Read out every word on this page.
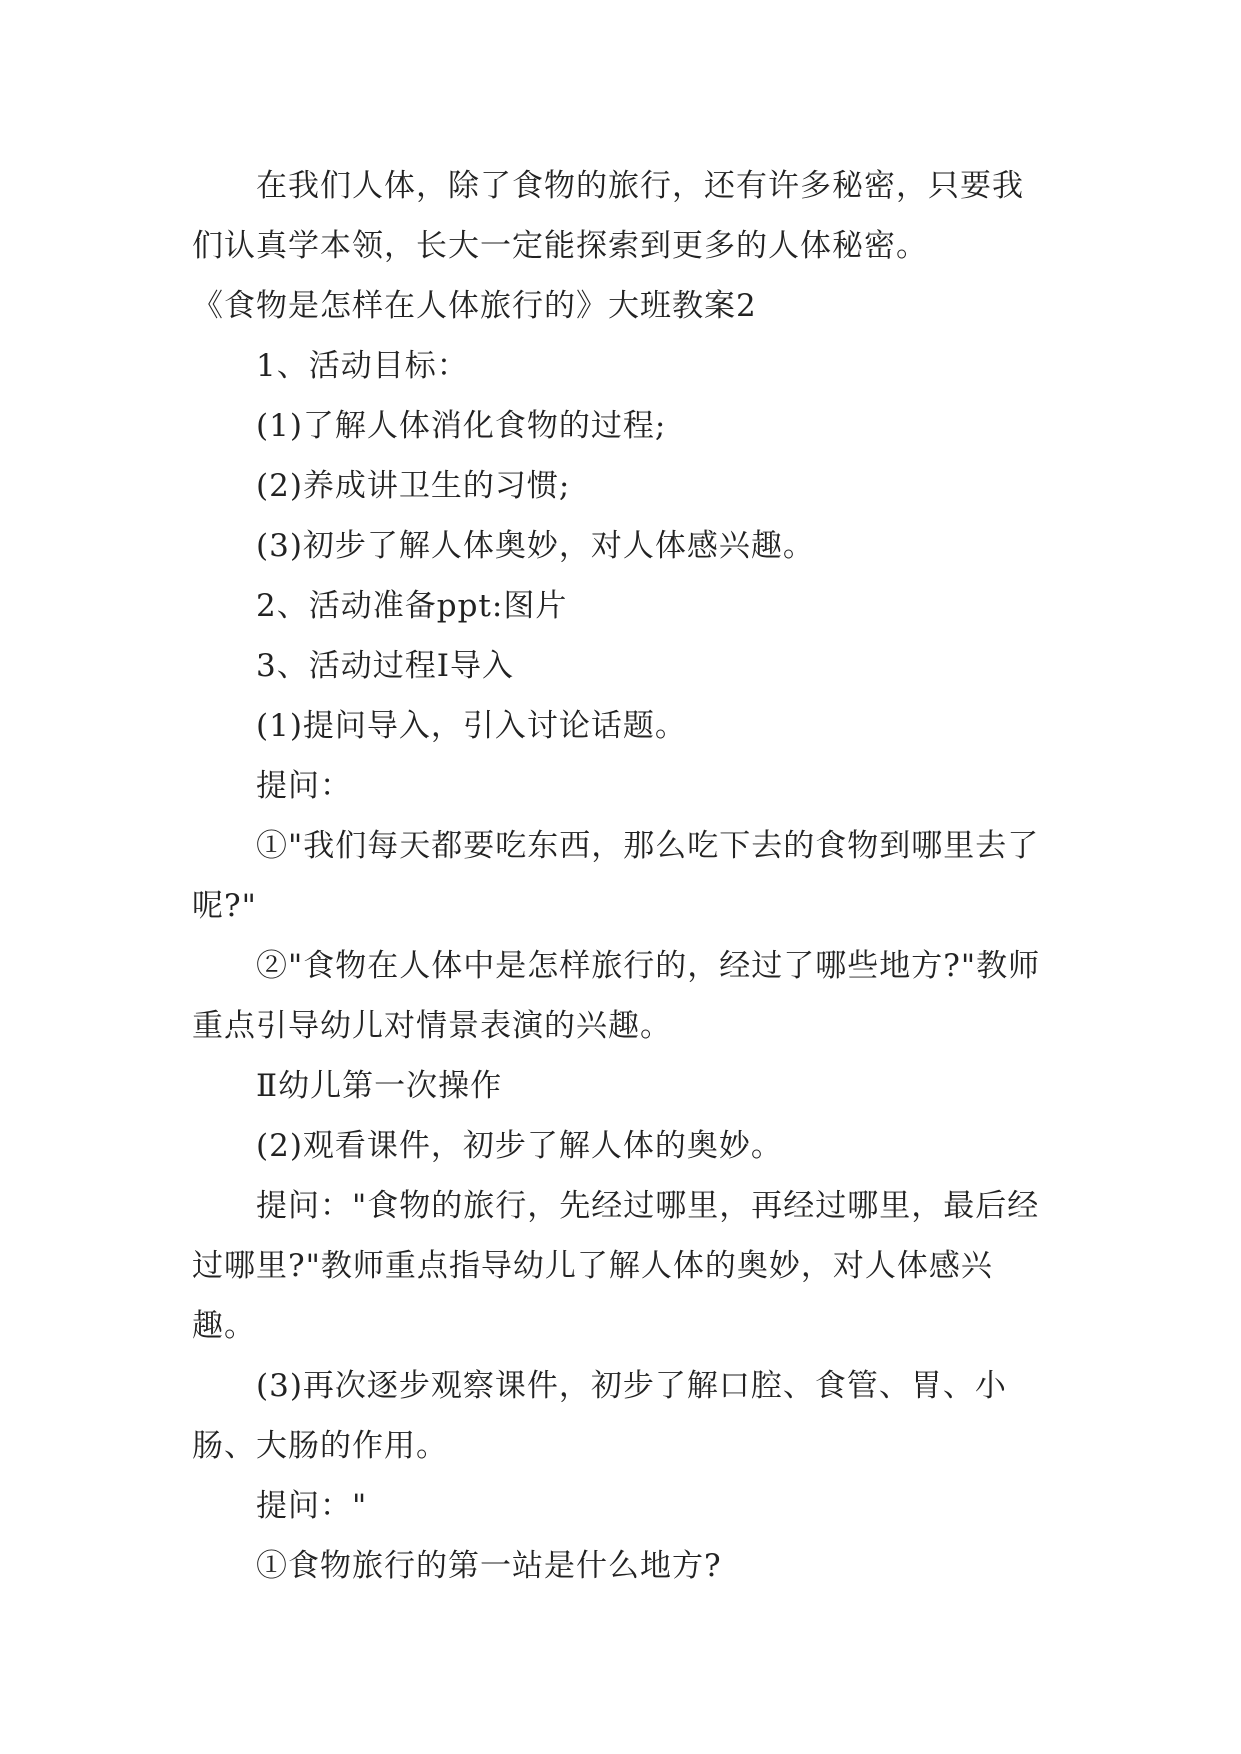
在我们人体，除了食物的旅行，还有许多秘密，只要我们认真学本领，长大一定能探索到更多的人体秘密。

《食物是怎样在人体旅行的》大班教案2

1、活动目标：

(1)了解人体消化食物的过程;

(2)养成讲卫生的习惯;

(3)初步了解人体奥妙，对人体感兴趣。

2、活动准备ppt:图片

3、活动过程Ⅰ导入

(1)提问导入，引入讨论话题。

提问：

①"我们每天都要吃东西，那么吃下去的食物到哪里去了呢?"

②"食物在人体中是怎样旅行的，经过了哪些地方?"教师重点引导幼儿对情景表演的兴趣。

Ⅱ幼儿第一次操作

(2)观看课件，初步了解人体的奥妙。

提问："食物的旅行，先经过哪里，再经过哪里，最后经过哪里?"教师重点指导幼儿了解人体的奥妙，对人体感兴趣。

(3)再次逐步观察课件，初步了解口腔、食管、胃、小肠、大肠的作用。

提问："

①食物旅行的第一站是什么地方?
